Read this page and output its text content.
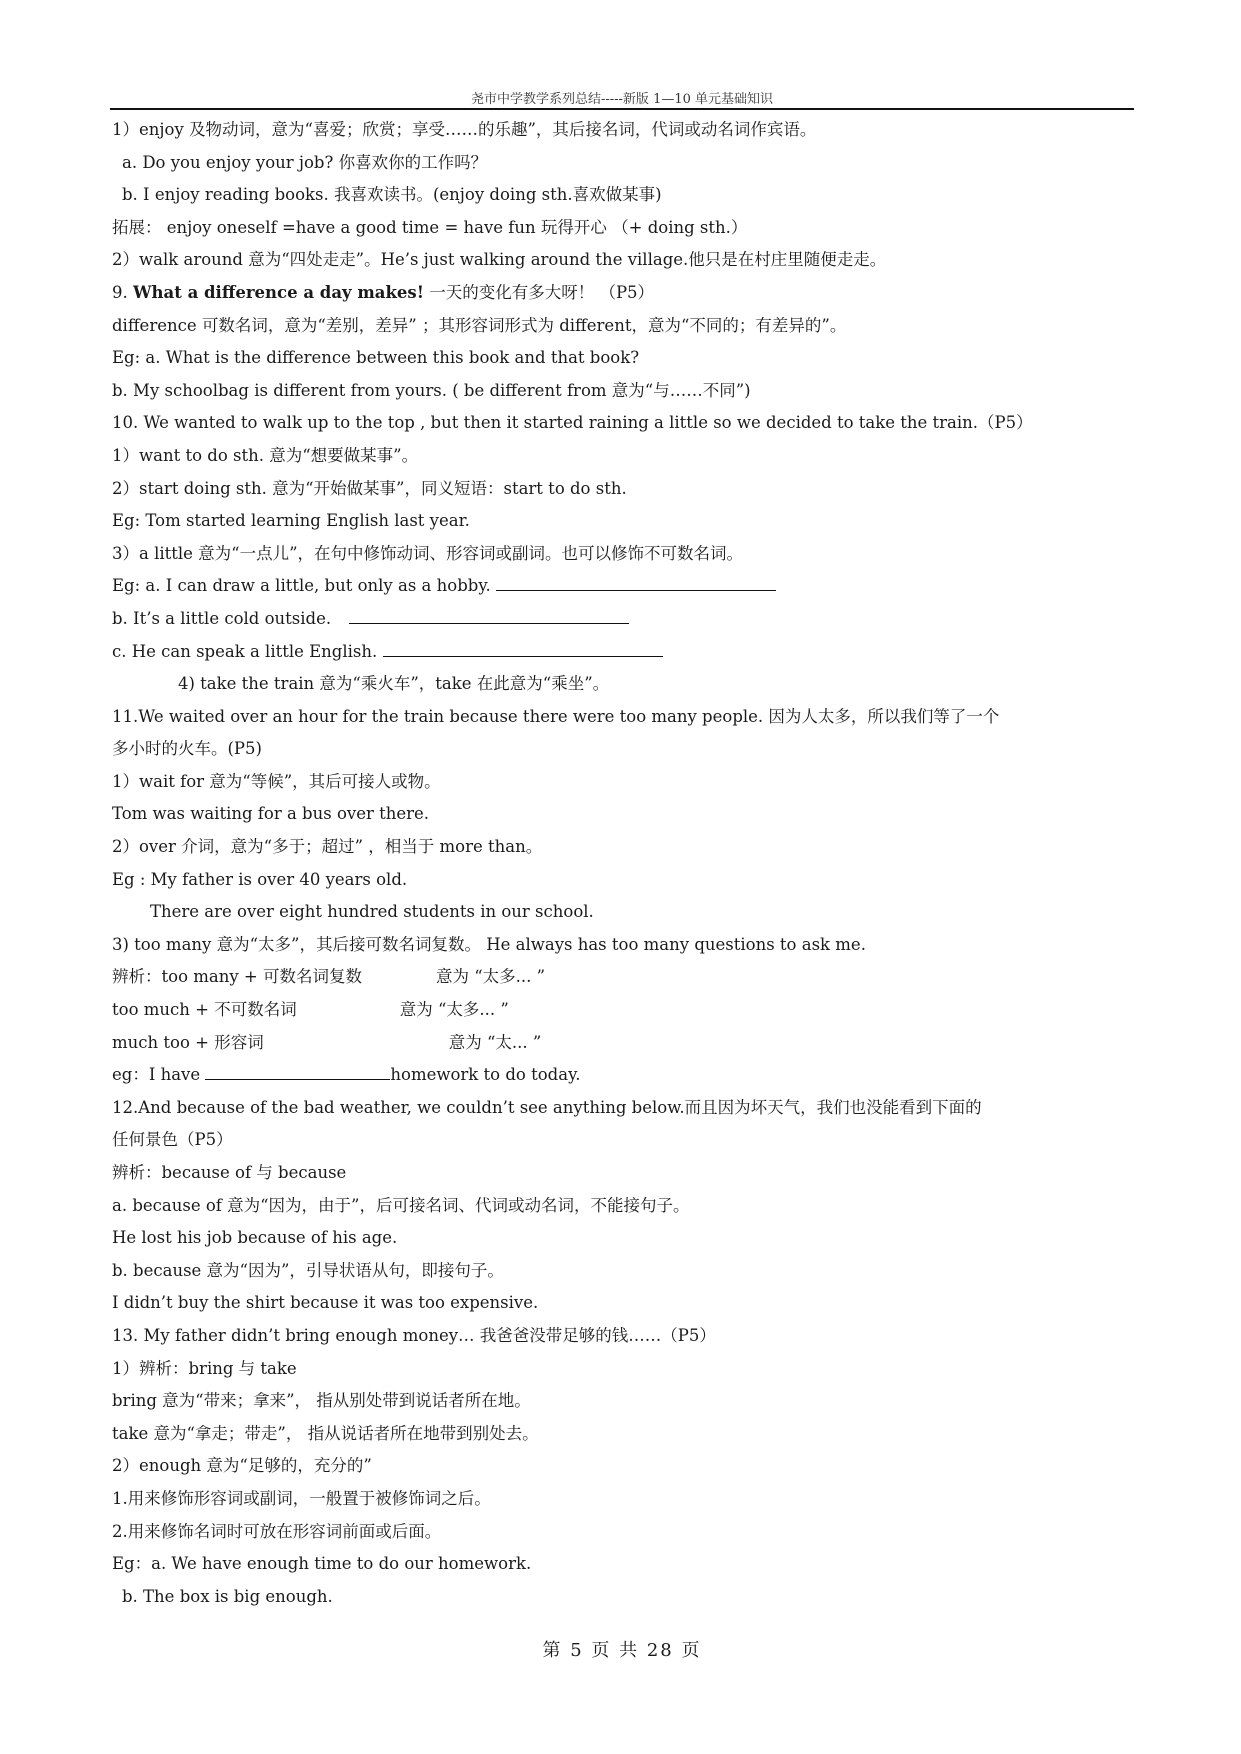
尧市中学教学系列总结-----新版 1—10 单元基础知识
1）enjoy 及物动词，意为“喜爱；欣赏；享受……的乐趣”，其后接名词，代词或动名词作宾语。
a. Do you enjoy your job? 你喜欢你的工作吗？
b. I enjoy reading books. 我喜欢读书。(enjoy doing sth.喜欢做某事)
拓展： enjoy oneself =have a good time = have fun 玩得开心 （+ doing sth.）
2）walk around 意为“四处走走”。He’s just walking around the village.他只是在村庄里随便走走。
9. What a difference a day makes! 一天的变化有多大呀！ （P5）
difference 可数名词，意为“差别，差异” ；其形容词形式为 different，意为“不同的；有差异的”。
Eg: a. What is the difference between this book and that book?
b. My schoolbag is different from yours. ( be different from 意为“与……不同”)
10. We wanted to walk up to the top , but then it started raining a little so we decided to take the train.（P5）
1）want to do sth. 意为“想要做某事”。
2）start doing sth. 意为“开始做某事”，同义短语：start to do sth.
Eg: Tom started learning English last year.
3）a little 意为“一点儿”，在句中修饰动词、形容词或副词。也可以修饰不可数名词。
Eg: a. I can draw a little, but only as a hobby.
b. It’s a little cold outside.
c. He can speak a little English.
4) take the train 意为“乘火车”，take 在此意为“乘坐”。
11.We waited over an hour for the train because there were too many people. 因为人太多，所以我们等了一个
多小时的火车。(P5)
1）wait for 意为“等候”，其后可接人或物。
Tom was waiting for a bus over there.
2）over 介词，意为“多于；超过” ，相当于 more than。
Eg : My father is over 40 years old.
There are over eight hundred students in our school.
3) too many 意为“太多”，其后接可数名词复数。 He always has too many questions to ask me.
辨析：too many + 可数名词复数	意为 “太多... ”
too much + 不可数名词	意为 “太多... ”
much too + 形容词	意为 “太... ”
eg：I have	homework to do today.
12.And because of the bad weather, we couldn’t see anything below.而且因为坏天气，我们也没能看到下面的
任何景色（P5）
辨析：because of 与 because
a. because of 意为“因为，由于”，后可接名词、代词或动名词，不能接句子。
He lost his job because of his age.
b. because 意为“因为”，引导状语从句，即接句子。
I didn’t buy the shirt because it was too expensive.
13. My father didn’t bring enough money… 我爸爸没带足够的钱……（P5）
1）辨析：bring 与 take
bring 意为“带来；拿来”， 指从别处带到说话者所在地。
take 意为“拿走；带走”， 指从说话者所在地带到别处去。
2）enough 意为“足够的，充分的”
1.用来修饰形容词或副词，一般置于被修饰词之后。
2.用来修饰名词时可放在形容词前面或后面。
Eg：a. We have enough time to do our homework.
b. The box is big enough.
第 5 页 共 28 页
